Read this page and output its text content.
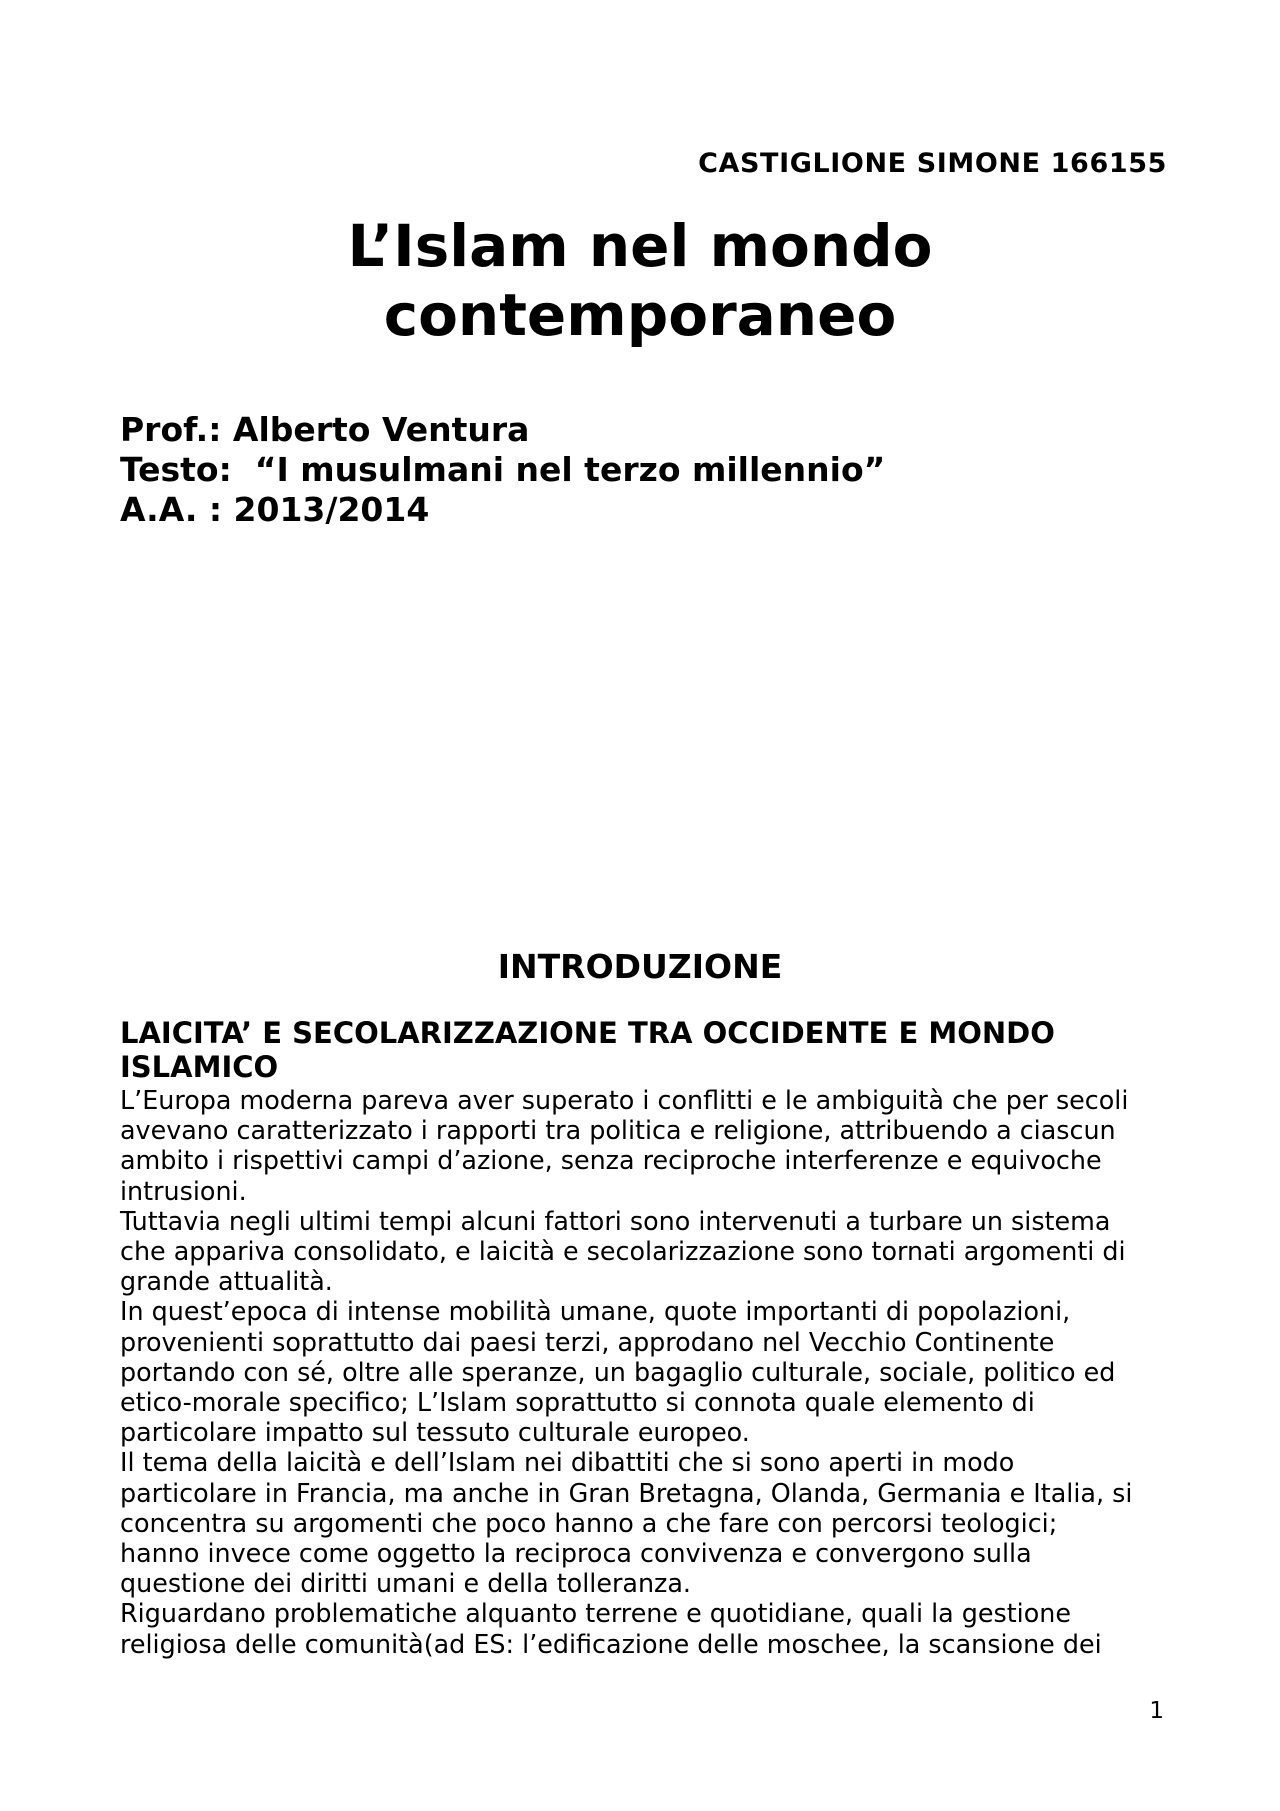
CASTIGLIONE SIMONE 166155
L’Islam nel mondo
contemporaneo
Prof.: Alberto Ventura
Testo:  “I musulmani nel terzo millennio”
A.A. : 2013/2014
INTRODUZIONE
LAICITA’ E SECOLARIZZAZIONE TRA OCCIDENTE E MONDO ISLAMICO

L’Europa moderna pareva aver superato i conflitti e le ambiguità che per secoli
avevano caratterizzato i rapporti tra politica e religione, attribuendo a ciascun
ambito i rispettivi campi d’azione, senza reciproche interferenze e equivoche
intrusioni.

Tuttavia negli ultimi tempi alcuni fattori sono intervenuti a turbare un sistema
che appariva consolidato, e laicità e secolarizzazione sono tornati argomenti di
grande attualità.

In quest’epoca di intense mobilità umane, quote importanti di popolazioni,
provenienti soprattutto dai paesi terzi, approdano nel Vecchio Continente
portando con sé, oltre alle speranze, un bagaglio culturale, sociale, politico ed
etico-morale specifico; L’Islam soprattutto si connota quale elemento di
particolare impatto sul tessuto culturale europeo.

Il tema della laicità e dell’Islam nei dibattiti che si sono aperti in modo
particolare in Francia, ma anche in Gran Bretagna, Olanda, Germania e Italia, si
concentra su argomenti che poco hanno a che fare con percorsi teologici;
hanno invece come oggetto la reciproca convivenza e convergono sulla
questione dei diritti umani e della tolleranza.

Riguardano problematiche alquanto terrene e quotidiane, quali la gestione
religiosa delle comunità(ad ES: l’edificazione delle moschee, la scansione dei

1
